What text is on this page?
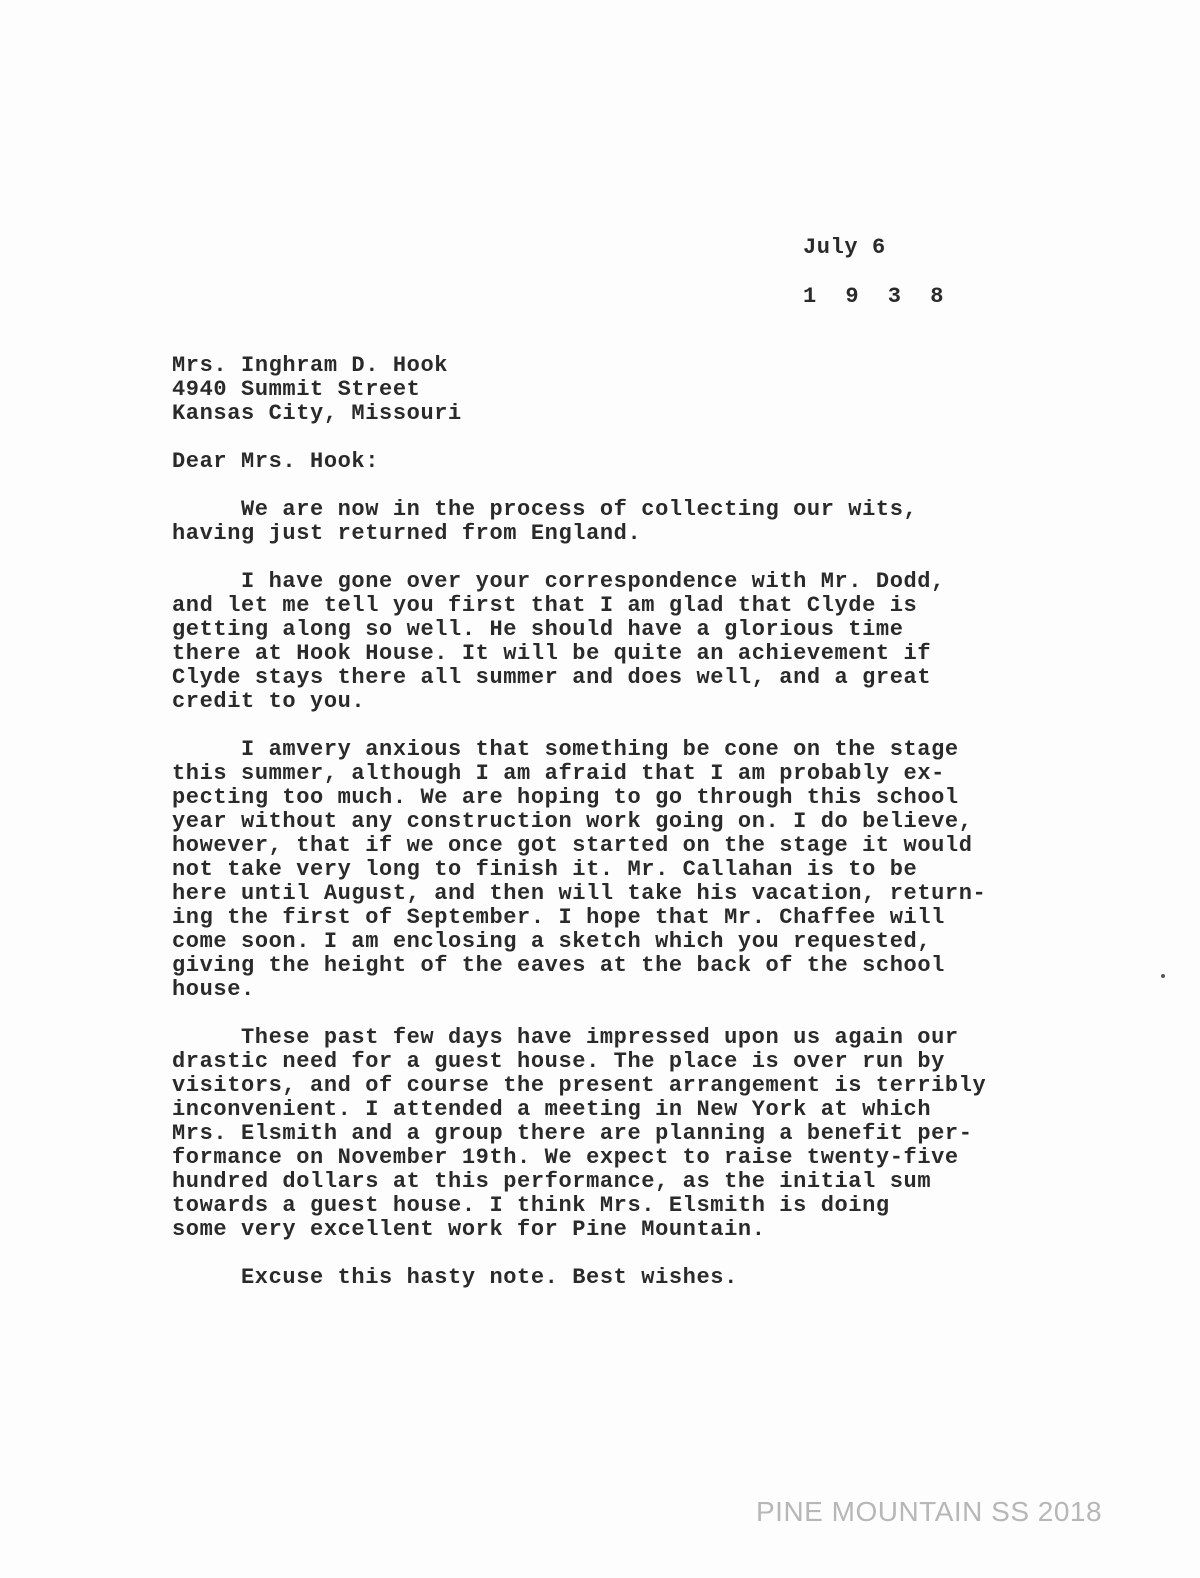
July 6
1 9 3 8
Mrs. Inghram D. Hook
4940 Summit Street
Kansas City, Missouri
Dear Mrs. Hook:
We are now in the process of collecting our wits,
having just returned from England.
I have gone over your correspondence with Mr. Dodd,
and let me tell you first that I am glad that Clyde is
getting along so well. He should have a glorious time
there at Hook House. It will be quite an achievement if
Clyde stays there all summer and does well, and a great
credit to you.
I amvery anxious that something be cone on the stage
this summer, although I am afraid that I am probably ex-
pecting too much. We are hoping to go through this school
year without any construction work going on. I do believe,
however, that if we once got started on the stage it would
not take very long to finish it. Mr. Callahan is to be
here until August, and then will take his vacation, return-
ing the first of September. I hope that Mr. Chaffee will
come soon. I am enclosing a sketch which you requested,
giving the height of the eaves at the back of the school
house.
These past few days have impressed upon us again our
drastic need for a guest house. The place is over run by
visitors, and of course the present arrangement is terribly
inconvenient. I attended a meeting in New York at which
Mrs. Elsmith and a group there are planning a benefit per-
formance on November 19th. We expect to raise twenty-five
hundred dollars at this performance, as the initial sum
towards a guest house. I think Mrs. Elsmith is doing
some very excellent work for Pine Mountain.
Excuse this hasty note. Best wishes.
PINE MOUNTAIN SS 2018
